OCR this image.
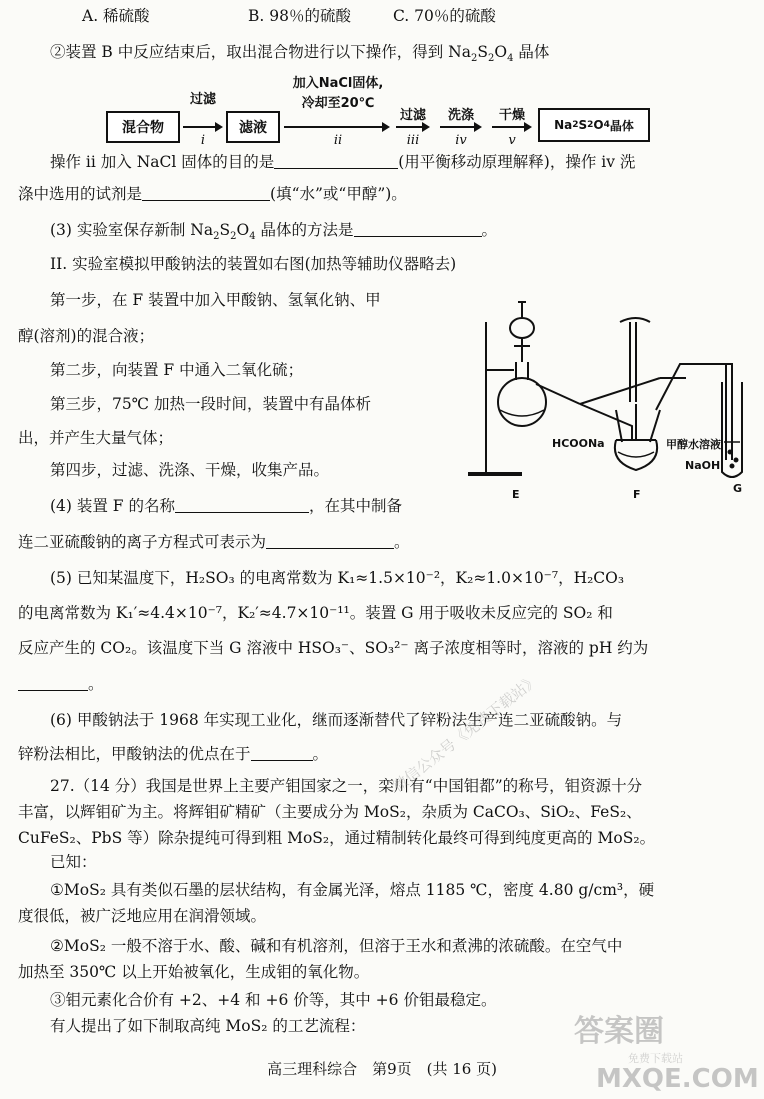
A. 稀硫酸	B. 98％的硫酸	C. 70％的硫酸
②装置 B 中反应结束后，取出混合物进行以下操作，得到 $Na_2S_2O_4$ 晶体
混合物
过滤
i
滤液
加入NaCl固体,
冷却至20℃
ii
过滤
iii
洗涤
iv
干燥
v
Na 2 S 2 O 4 晶体
操作 ii 加入 NaCl 固体的目的是	(用平衡移动原理解释)，操作 iv 洗
涤中选用的试剂是	(填“水”或“甲醇”)。
(3) 实验室保存新制 $Na_2S_2O_4$ 晶体的方法是	。
II. 实验室模拟甲酸钠法的装置如右图(加热等辅助仪器略去)
第一步，在 F 装置中加入甲酸钠、氢氧化钠、甲
醇(溶剂)的混合液；
第二步，向装置 F 中通入二氧化硫；
第三步，75℃ 加热一段时间，装置中有晶体析
出，并产生大量气体；
第四步，过滤、洗涤、干燥，收集产品。
(4) 装置 F 的名称	，在其中制备
连二亚硫酸钠的离子方程式可表示为	。
HCOONa	甲醇水溶液
NaOH
E	F	G
(5) 已知某温度下，H₂SO₃ 的电离常数为 K₁≈1.5×10⁻²，K₂≈1.0×10⁻⁷，H₂CO₃
的电离常数为 K₁′≈4.4×10⁻⁷，K₂′≈4.7×10⁻¹¹。装置 G 用于吸收未反应完的 SO₂ 和
反应产生的 CO₂。该温度下当 G 溶液中 HSO₃⁻、SO₃²⁻ 离子浓度相等时，溶液的 pH 约为
。
(6) 甲酸钠法于 1968 年实现工业化，继而逐渐替代了锌粉法生产连二亚硫酸钠。与
锌粉法相比，甲酸钠法的优点在于	。
27.（14 分）我国是世界上主要产钼国家之一，栾川有“中国钼都”的称号，钼资源十分
丰富，以辉钼矿为主。将辉钼矿精矿（主要成分为 MoS₂，杂质为 CaCO₃、SiO₂、FeS₂、
CuFeS₂、PbS 等）除杂提纯可得到粗 MoS₂，通过精制转化最终可得到纯度更高的 MoS₂。
已知：
①MoS₂ 具有类似石墨的层状结构，有金属光泽，熔点 1185 ℃，密度 4.80 g/cm³，硬
度很低，被广泛地应用在润滑领域。
②MoS₂ 一般不溶于水、酸、碱和有机溶剂，但溶于王水和煮沸的浓硫酸。在空气中
加热至 350℃ 以上开始被氧化，生成钼的氧化物。
③钼元素化合价有 +2、+4 和 +6 价等，其中 +6 价钼最稳定。
有人提出了如下制取高纯 MoS₂ 的工艺流程：
微信公众号《免费下载站》
答案圈
免费下载站
MXQE.COM
高三理科综合　第9页　(共 16 页)
